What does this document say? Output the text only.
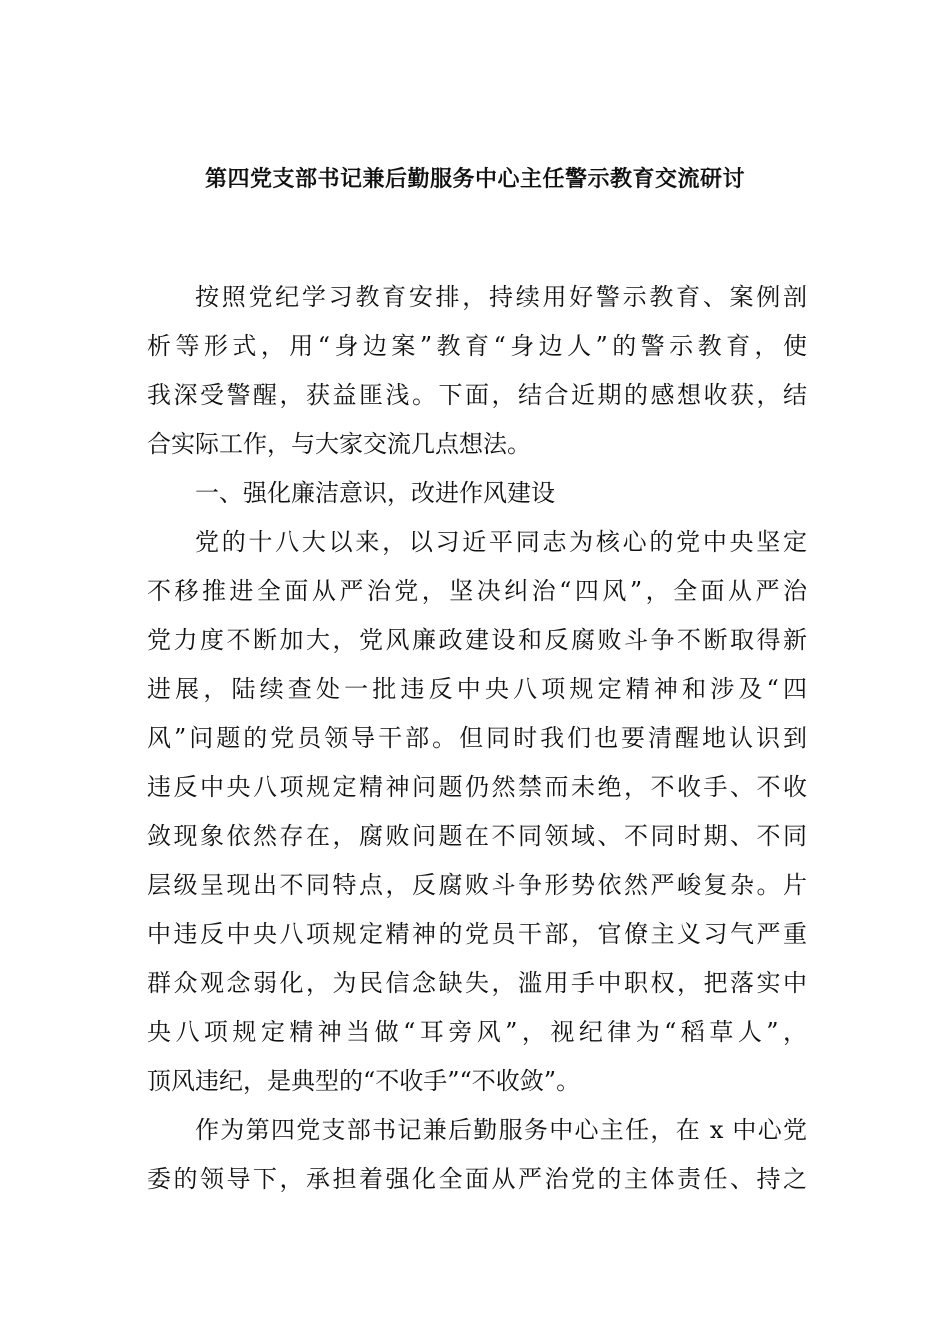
第四党支部书记兼后勤服务中心主任警示教育交流研讨
按照党纪学习教育安排，持续用好警示教育、案例剖
析等形式，用“身边案”教育“身边人”的警示教育，使
我深受警醒，获益匪浅。下面，结合近期的感想收获，结
合实际工作，与大家交流几点想法。
一、强化廉洁意识，改进作风建设
党的十八大以来，以习近平同志为核心的党中央坚定
不移推进全面从严治党，坚决纠治“四风”，全面从严治
党力度不断加大，党风廉政建设和反腐败斗争不断取得新
进展，陆续查处一批违反中央八项规定精神和涉及“四
风”问题的党员领导干部。但同时我们也要清醒地认识到
违反中央八项规定精神问题仍然禁而未绝，不收手、不收
敛现象依然存在，腐败问题在不同领域、不同时期、不同
层级呈现出不同特点，反腐败斗争形势依然严峻复杂。片
中违反中央八项规定精神的党员干部，官僚主义习气严重
群众观念弱化，为民信念缺失，滥用手中职权，把落实中
央八项规定精神当做“耳旁风”，视纪律为“稻草人”，
顶风违纪，是典型的“不收手”“不收敛”。
作为第四党支部书记兼后勤服务中心主任，在 x 中心党
委的领导下，承担着强化全面从严治党的主体责任、持之
